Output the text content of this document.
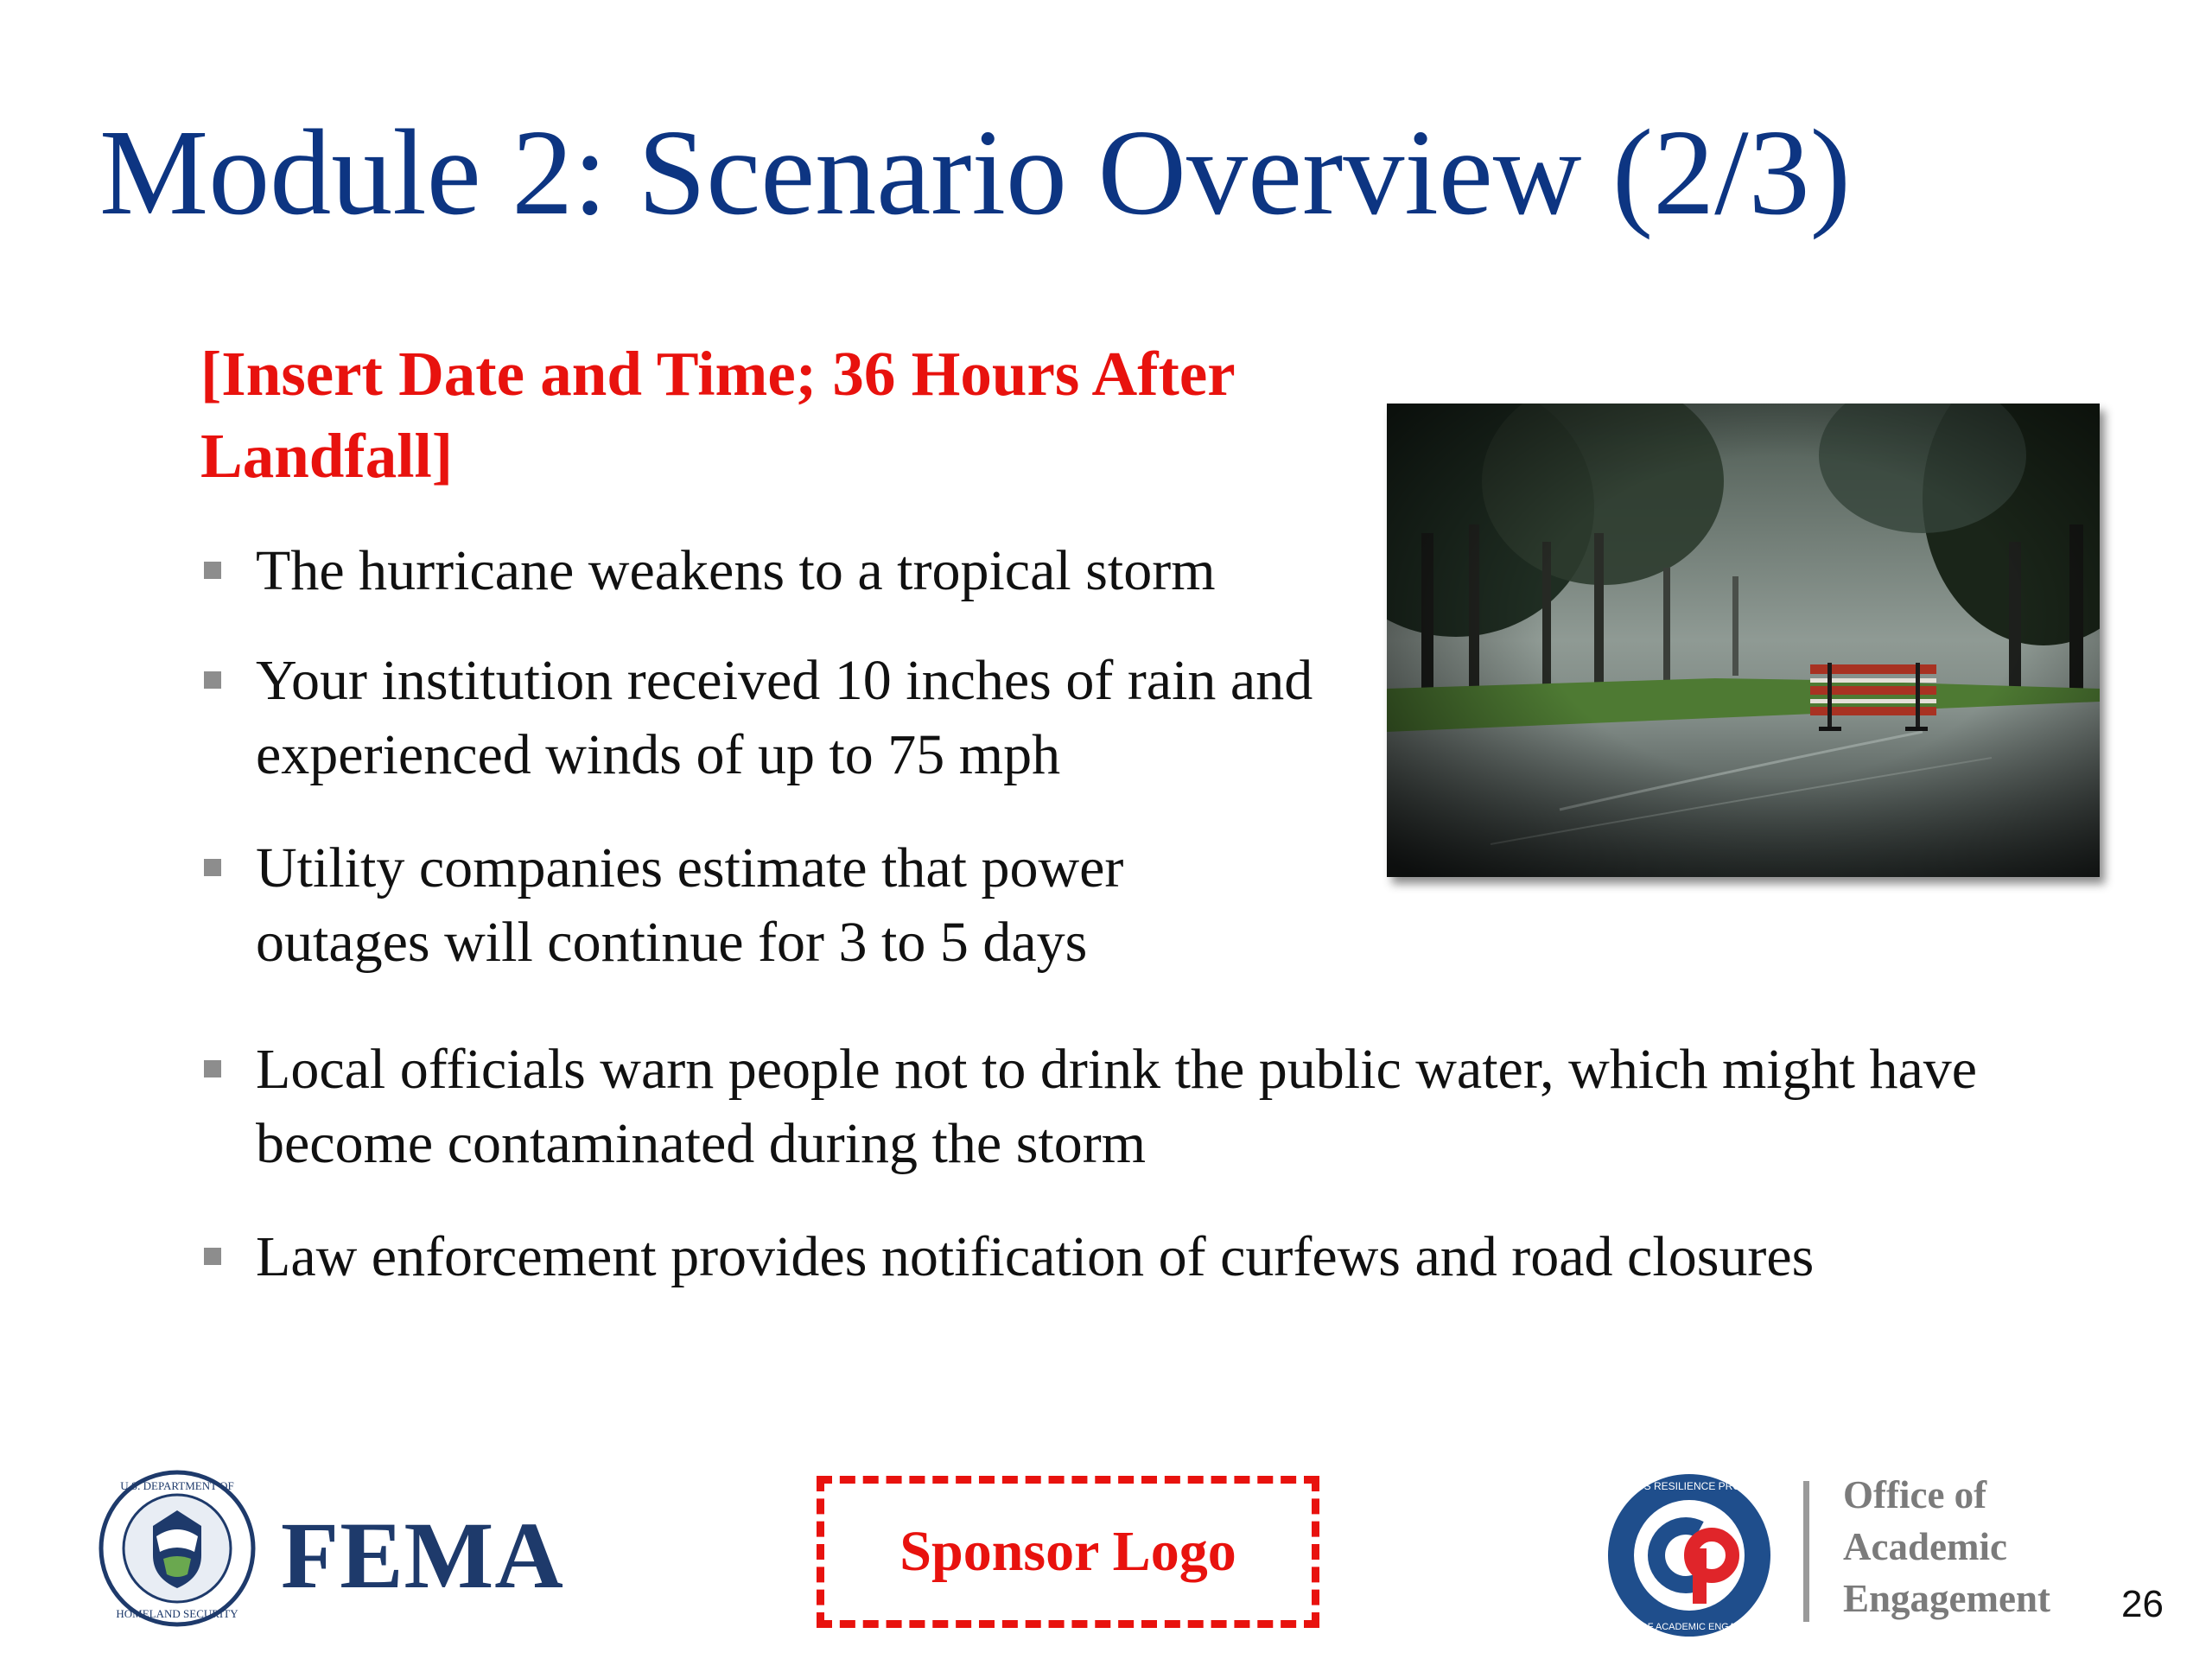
Module 2: Scenario Overview (2/3)

[Insert Date and Time; 36 Hours After Landfall]

The hurricane weakens to a tropical storm
Your institution received 10 inches of rain and experienced winds of up to 75 mph
Utility companies estimate that power outages will continue for 3 to 5 days
Local officials warn people not to drink the public water, which might have become contaminated during the storm
Law enforcement provides notification of curfews and road closures
U.S. DEPARTMENT OF
HOMELAND SECURITY
FEMA	Sponsor Logo
CAMPUS RESILIENCE PROGRAM
OFFICE OF ACADEMIC ENGAGEMENT

Office of
Academic
Engagement 26
